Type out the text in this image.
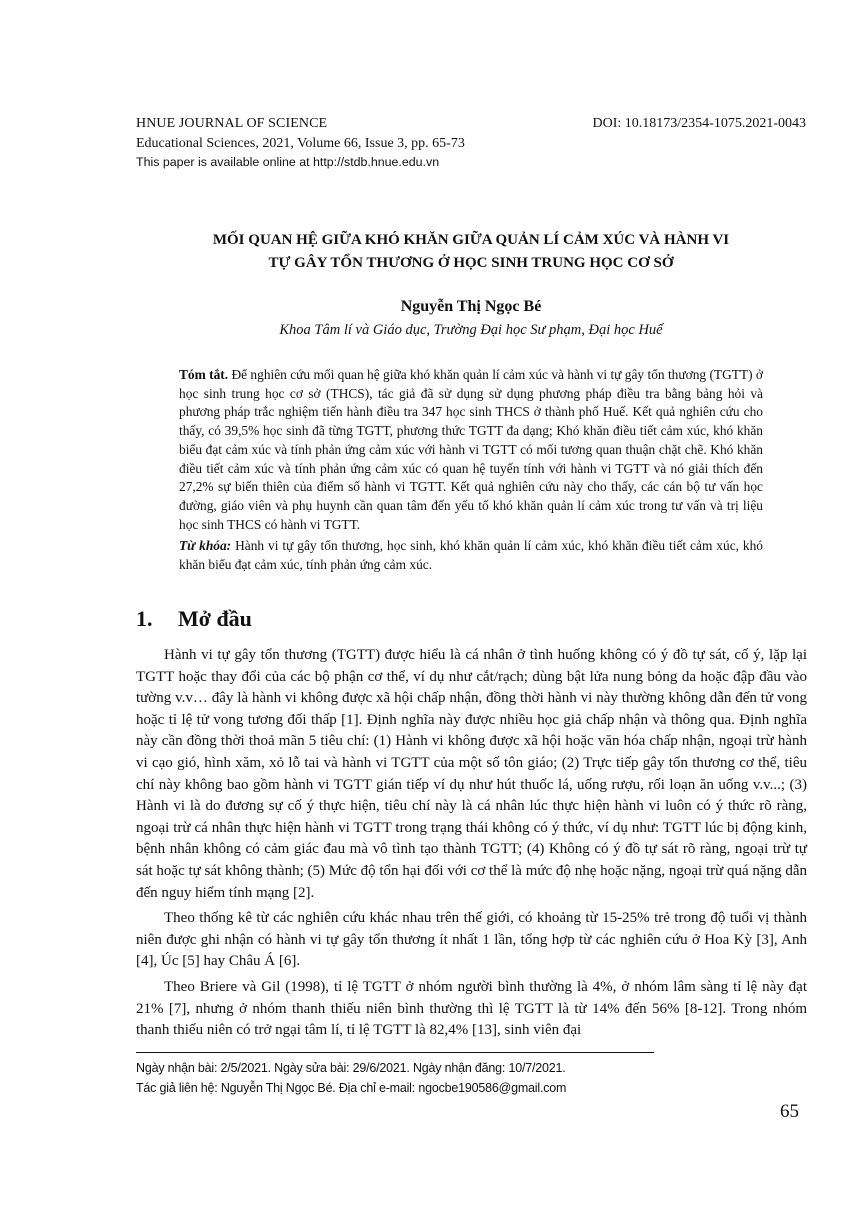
HNUE JOURNAL OF SCIENCE	DOI: 10.18173/2354-1075.2021-0043
Educational Sciences, 2021, Volume 66, Issue 3, pp. 65-73
This paper is available online at http://stdb.hnue.edu.vn
MỐI QUAN HỆ GIỮA KHÓ KHĂN GIỮA QUẢN LÍ CẢM XÚC VÀ HÀNH VI
TỰ GÂY TỔN THƯƠNG Ở HỌC SINH TRUNG HỌC CƠ SỞ
Nguyễn Thị Ngọc Bé
Khoa Tâm lí và Giáo dục, Trường Đại học Sư phạm, Đại học Huế

Tóm tắt. Để nghiên cứu mối quan hệ giữa khó khăn quản lí cảm xúc và hành vi tự gây tổn thương (TGTT) ở học sinh trung học cơ sở (THCS), tác giả đã sử dụng sử dụng phương pháp điều tra bằng bảng hỏi và phương pháp trắc nghiệm tiến hành điều tra 347 học sinh THCS ở thành phố Huế. Kết quả nghiên cứu cho thấy, có 39,5% học sinh đã từng TGTT, phương thức TGTT đa dạng; Khó khăn điều tiết cảm xúc, khó khăn biểu đạt cảm xúc và tính phản ứng cảm xúc với hành vi TGTT có mối tương quan thuận chặt chẽ. Khó khăn điều tiết cảm xúc và tính phản ứng cảm xúc có quan hệ tuyến tính với hành vi TGTT và nó giải thích đến 27,2% sự biến thiên của điểm số hành vi TGTT. Kết quả nghiên cứu này cho thấy, các cán bộ tư vấn học đường, giáo viên và phụ huynh cần quan tâm đến yếu tố khó khăn quản lí cảm xúc trong tư vấn và trị liệu học sinh THCS có hành vi TGTT.

Từ khóa: Hành vi tự gây tổn thương, học sinh, khó khăn quản lí cảm xúc, khó khăn điều tiết cảm xúc, khó khăn biểu đạt cảm xúc, tính phản ứng cảm xúc.

1. Mở đầu

Hành vi tự gây tổn thương (TGTT) được hiểu là cá nhân ở tình huống không có ý đồ tự sát, cố ý, lặp lại TGTT hoặc thay đổi của các bộ phận cơ thể, ví dụ như cắt/rạch; dùng bật lửa nung bỏng da hoặc đập đầu vào tường v.v… đây là hành vi không được xã hội chấp nhận, đồng thời hành vi này thường không dẫn đến tử vong hoặc tỉ lệ tử vong tương đối thấp [1]. Định nghĩa này được nhiều học giả chấp nhận và thông qua. Định nghĩa này cần đồng thời thoả mãn 5 tiêu chí: (1) Hành vi không được xã hội hoặc văn hóa chấp nhận, ngoại trừ hành vi cạo gió, hình xăm, xỏ lỗ tai và hành vi TGTT của một số tôn giáo; (2) Trực tiếp gây tổn thương cơ thể, tiêu chí này không bao gồm hành vi TGTT gián tiếp ví dụ như hút thuốc lá, uống rượu, rối loạn ăn uống v.v...; (3) Hành vi là do đương sự cố ý thực hiện, tiêu chí này là cá nhân lúc thực hiện hành vi luôn có ý thức rõ ràng, ngoại trừ cá nhân thực hiện hành vi TGTT trong trạng thái không có ý thức, ví dụ như: TGTT lúc bị động kinh, bệnh nhân không có cảm giác đau mà vô tình tạo thành TGTT; (4) Không có ý đồ tự sát rõ ràng, ngoại trừ tự sát hoặc tự sát không thành; (5) Mức độ tổn hại đối với cơ thể là mức độ nhẹ hoặc nặng, ngoại trừ quá nặng dẫn đến nguy hiểm tính mạng [2].

Theo thống kê từ các nghiên cứu khác nhau trên thế giới, có khoảng từ 15-25% trẻ trong độ tuổi vị thành niên được ghi nhận có hành vi tự gây tổn thương ít nhất 1 lần, tổng hợp từ các nghiên cứu ở Hoa Kỳ [3], Anh [4], Úc [5] hay Châu Á [6].

Theo Briere và Gil (1998), tỉ lệ TGTT ở nhóm người bình thường là 4%, ở nhóm lâm sàng tỉ lệ này đạt 21% [7], nhưng ở nhóm thanh thiếu niên bình thường thì lệ TGTT là từ 14% đến 56% [8-12]. Trong nhóm thanh thiếu niên có trở ngại tâm lí, tỉ lệ TGTT là 82,4% [13], sinh viên đại

Ngày nhận bài: 2/5/2021. Ngày sửa bài: 29/6/2021. Ngày nhận đăng: 10/7/2021.
Tác giả liên hệ: Nguyễn Thị Ngọc Bé. Địa chỉ e-mail: ngocbe190586@gmail.com
65
